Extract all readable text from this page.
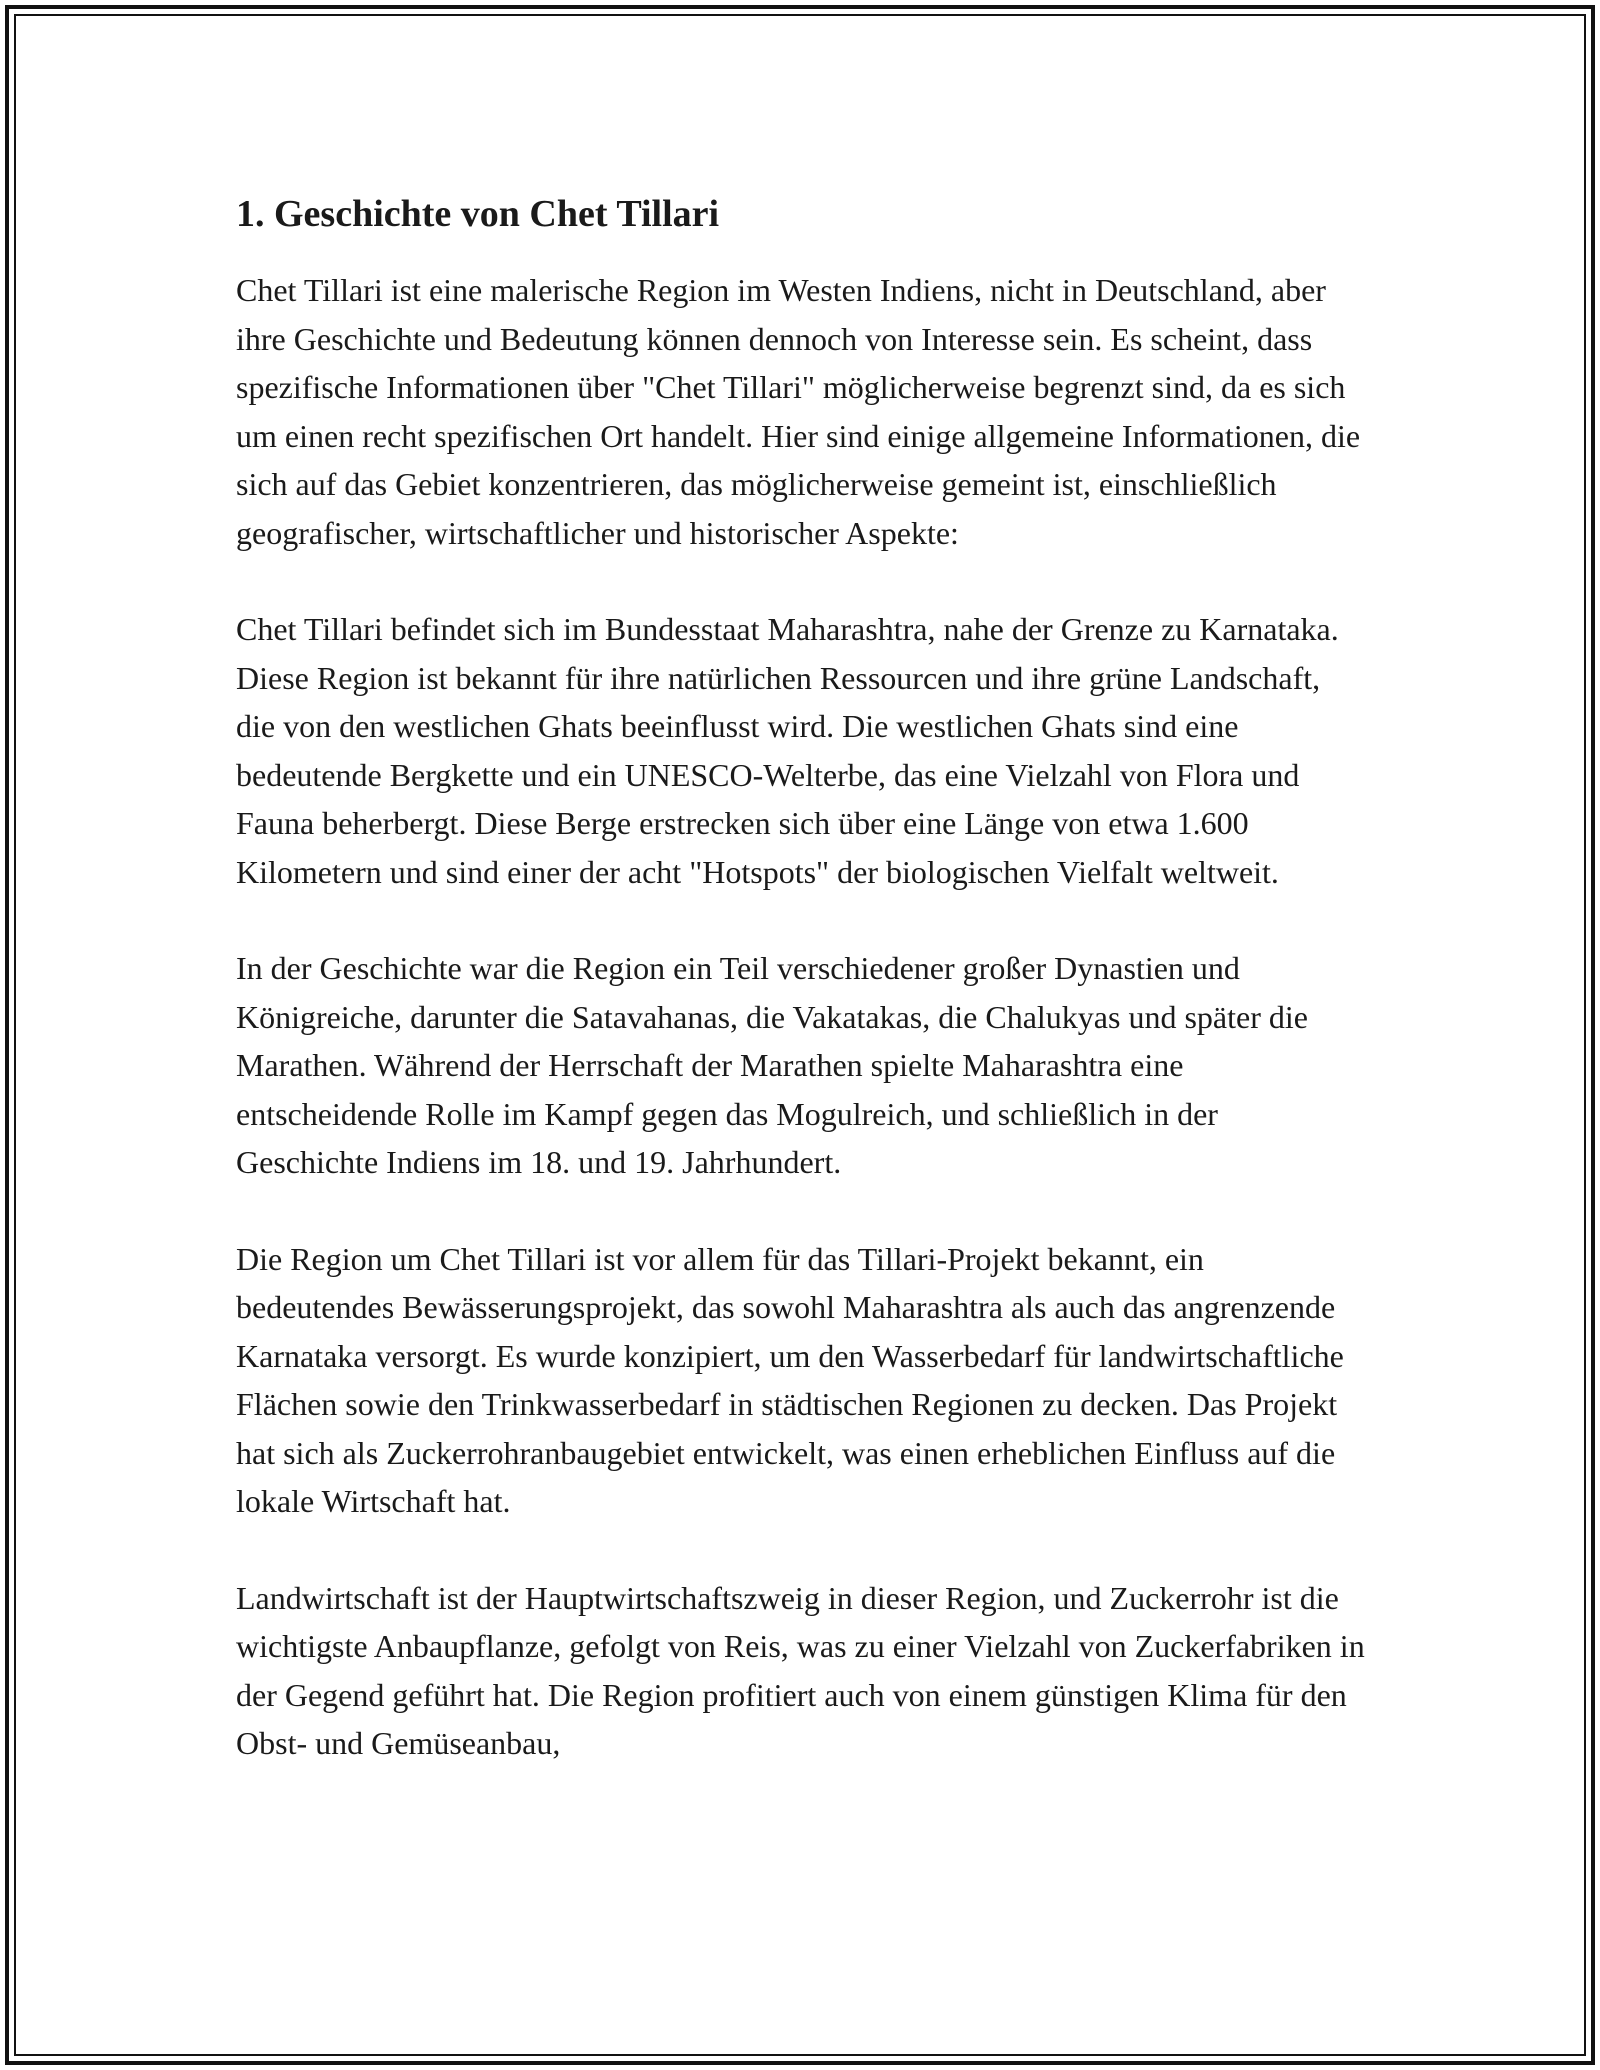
1. Geschichte von Chet Tillari

Chet Tillari ist eine malerische Region im Westen Indiens, nicht in Deutschland, aber ihre Geschichte und Bedeutung können dennoch von Interesse sein. Es scheint, dass spezifische Informationen über "Chet Tillari" möglicherweise begrenzt sind, da es sich um einen recht spezifischen Ort handelt. Hier sind einige allgemeine Informationen, die sich auf das Gebiet konzentrieren, das möglicherweise gemeint ist, einschließlich geografischer, wirtschaftlicher und historischer Aspekte:

Chet Tillari befindet sich im Bundesstaat Maharashtra, nahe der Grenze zu Karnataka. Diese Region ist bekannt für ihre natürlichen Ressourcen und ihre grüne Landschaft, die von den westlichen Ghats beeinflusst wird. Die westlichen Ghats sind eine bedeutende Bergkette und ein UNESCO-Welterbe, das eine Vielzahl von Flora und Fauna beherbergt. Diese Berge erstrecken sich über eine Länge von etwa 1.600 Kilometern und sind einer der acht "Hotspots" der biologischen Vielfalt weltweit.

In der Geschichte war die Region ein Teil verschiedener großer Dynastien und Königreiche, darunter die Satavahanas, die Vakatakas, die Chalukyas und später die Marathen. Während der Herrschaft der Marathen spielte Maharashtra eine entscheidende Rolle im Kampf gegen das Mogulreich, und schließlich in der Geschichte Indiens im 18. und 19. Jahrhundert.

Die Region um Chet Tillari ist vor allem für das Tillari-Projekt bekannt, ein bedeutendes Bewässerungsprojekt, das sowohl Maharashtra als auch das angrenzende Karnataka versorgt. Es wurde konzipiert, um den Wasserbedarf für landwirtschaftliche Flächen sowie den Trinkwasserbedarf in städtischen Regionen zu decken. Das Projekt hat sich als Zuckerrohranbaugebiet entwickelt, was einen erheblichen Einfluss auf die lokale Wirtschaft hat.

Landwirtschaft ist der Hauptwirtschaftszweig in dieser Region, und Zuckerrohr ist die wichtigste Anbaupflanze, gefolgt von Reis, was zu einer Vielzahl von Zuckerfabriken in der Gegend geführt hat. Die Region profitiert auch von einem günstigen Klima für den Obst- und Gemüseanbau,
